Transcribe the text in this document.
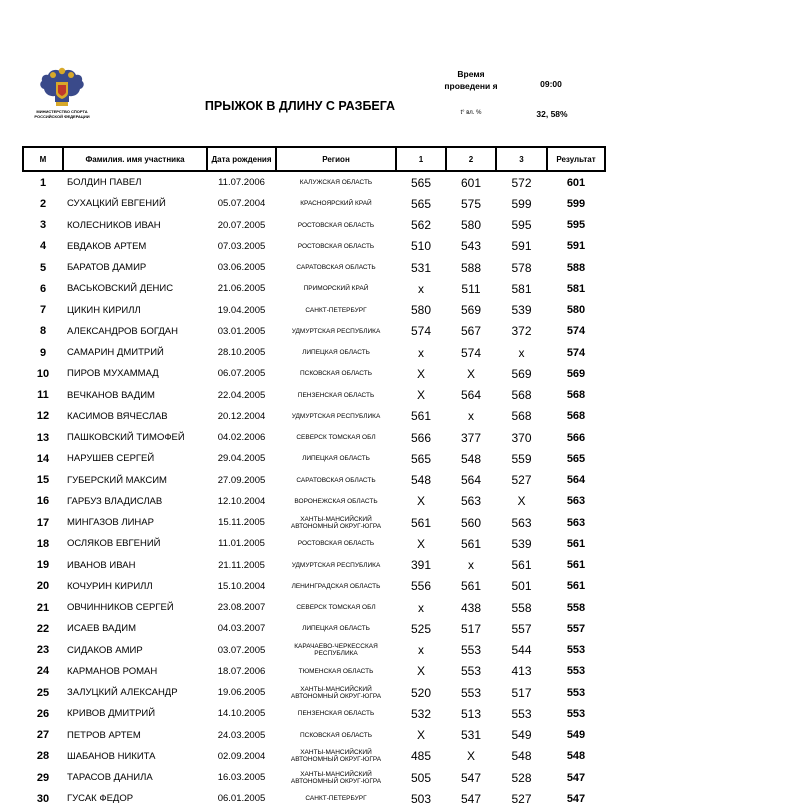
МИНИСТЕРСТВО СПОРТА РОССИЙСКОЙ ФЕДЕРАЦИИ
ПРЫЖОК В ДЛИНУ С РАЗБЕГА
Время проведени я	09:00
t° вл. %	32, 58%
М	Фамилия. имя участника	Дата рождения	Регион	1	2	3	Результат
1	БОЛДИН ПАВЕЛ	11.07.2006	КАЛУЖСКАЯ ОБЛАСТЬ	565	601	572	601
2	СУХАЦКИЙ ЕВГЕНИЙ	05.07.2004	КРАСНОЯРСКИЙ КРАЙ	565	575	599	599
3	КОЛЕСНИКОВ ИВАН	20.07.2005	РОСТОВСКАЯ ОБЛАСТЬ	562	580	595	595
4	ЕВДАКОВ АРТЕМ	07.03.2005	РОСТОВСКАЯ ОБЛАСТЬ	510	543	591	591
5	БАРАТОВ ДАМИР	03.06.2005	САРАТОВСКАЯ ОБЛАСТЬ	531	588	578	588
6	ВАСЬКОВСКИЙ ДЕНИС	21.06.2005	ПРИМОРСКИЙ КРАЙ	x	511	581	581
7	ЦИКИН КИРИЛЛ	19.04.2005	САНКТ-ПЕТЕРБУРГ	580	569	539	580
8	АЛЕКСАНДРОВ БОГДАН	03.01.2005	УДМУРТСКАЯ РЕСПУБЛИКА	574	567	372	574
9	САМАРИН ДМИТРИЙ	28.10.2005	ЛИПЕЦКАЯ ОБЛАСТЬ	x	574	x	574
10	ПИРОВ МУХАММАД	06.07.2005	ПСКОВСКАЯ ОБЛАСТЬ	X	X	569	569
11	ВЕЧКАНОВ ВАДИМ	22.04.2005	ПЕНЗЕНСКАЯ ОБЛАСТЬ	X	564	568	568
12	КАСИМОВ ВЯЧЕСЛАВ	20.12.2004	УДМУРТСКАЯ РЕСПУБЛИКА	561	x	568	568
13	ПАШКОВСКИЙ ТИМОФЕЙ	04.02.2006	СЕВЕРСК ТОМСКАЯ ОБЛ	566	377	370	566
14	НАРУШЕВ СЕРГЕЙ	29.04.2005	ЛИПЕЦКАЯ ОБЛАСТЬ	565	548	559	565
15	ГУБЕРСКИЙ МАКСИМ	27.09.2005	САРАТОВСКАЯ ОБЛАСТЬ	548	564	527	564
16	ГАРБУЗ ВЛАДИСЛАВ	12.10.2004	ВОРОНЕЖСКАЯ ОБЛАСТЬ	X	563	X	563
17	МИНГАЗОВ ЛИНАР	15.11.2005	ХАНТЫ-МАНСИЙСКИЙ АВТОНОМНЫЙ ОКРУГ-ЮГРА	561	560	563	563
18	ОСЛЯКОВ ЕВГЕНИЙ	11.01.2005	РОСТОВСКАЯ ОБЛАСТЬ	X	561	539	561
19	ИВАНОВ ИВАН	21.11.2005	УДМУРТСКАЯ РЕСПУБЛИКА	391	x	561	561
20	КОЧУРИН КИРИЛЛ	15.10.2004	ЛЕНИНГРАДСКАЯ ОБЛАСТЬ	556	561	501	561
21	ОВЧИННИКОВ СЕРГЕЙ	23.08.2007	СЕВЕРСК ТОМСКАЯ ОБЛ	x	438	558	558
22	ИСАЕВ ВАДИМ	04.03.2007	ЛИПЕЦКАЯ ОБЛАСТЬ	525	517	557	557
23	СИДАКОВ АМИР	03.07.2005	КАРАЧАЕВО-ЧЕРКЕССКАЯ РЕСПУБЛИКА	x	553	544	553
24	КАРМАНОВ РОМАН	18.07.2006	ТЮМЕНСКАЯ ОБЛАСТЬ	X	553	413	553
25	ЗАЛУЦКИЙ АЛЕКСАНДР	19.06.2005	ХАНТЫ-МАНСИЙСКИЙ АВТОНОМНЫЙ ОКРУГ-ЮГРА	520	553	517	553
26	КРИВОВ ДМИТРИЙ	14.10.2005	ПЕНЗЕНСКАЯ ОБЛАСТЬ	532	513	553	553
27	ПЕТРОВ АРТЕМ	24.03.2005	ПСКОВСКАЯ ОБЛАСТЬ	X	531	549	549
28	ШАБАНОВ НИКИТА	02.09.2004	ХАНТЫ-МАНСИЙСКИЙ АВТОНОМНЫЙ ОКРУГ-ЮГРА	485	X	548	548
29	ТАРАСОВ ДАНИЛА	16.03.2005	ХАНТЫ-МАНСИЙСКИЙ АВТОНОМНЫЙ ОКРУГ-ЮГРА	505	547	528	547
30	ГУСАК ФЕДОР	06.01.2005	САНКТ-ПЕТЕРБУРГ	503	547	527	547
